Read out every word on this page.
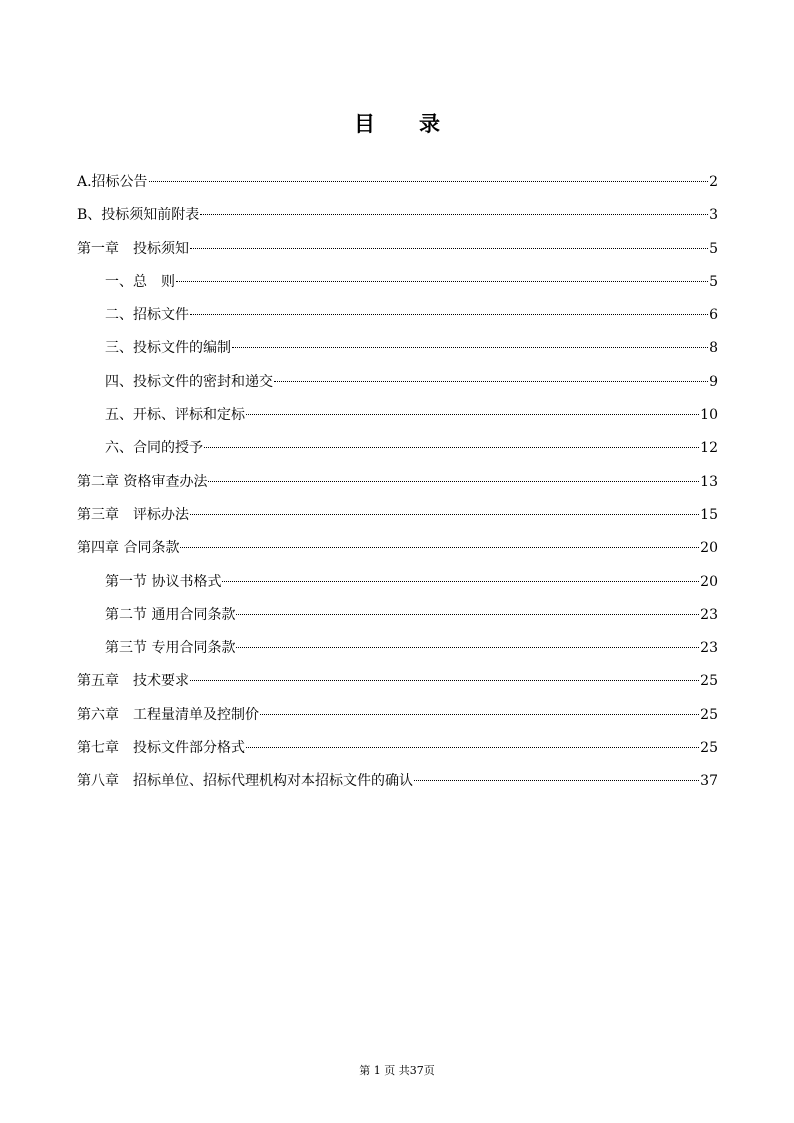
目录
A.招标公告	2
B、投标须知前附表	3
第一章　投标须知	5
一、总　则	5
二、招标文件	6
三、投标文件的编制	8
四、投标文件的密封和递交	9
五、开标、评标和定标	10
六、合同的授予	12
第二章 资格审查办法	13
第三章　评标办法	15
第四章 合同条款	20
第一节 协议书格式	20
第二节 通用合同条款	23
第三节 专用合同条款	23
第五章　技术要求	25
第六章　工程量清单及控制价	25
第七章　投标文件部分格式	25
第八章　招标单位、招标代理机构对本招标文件的确认	37
第 1 页 共37页
